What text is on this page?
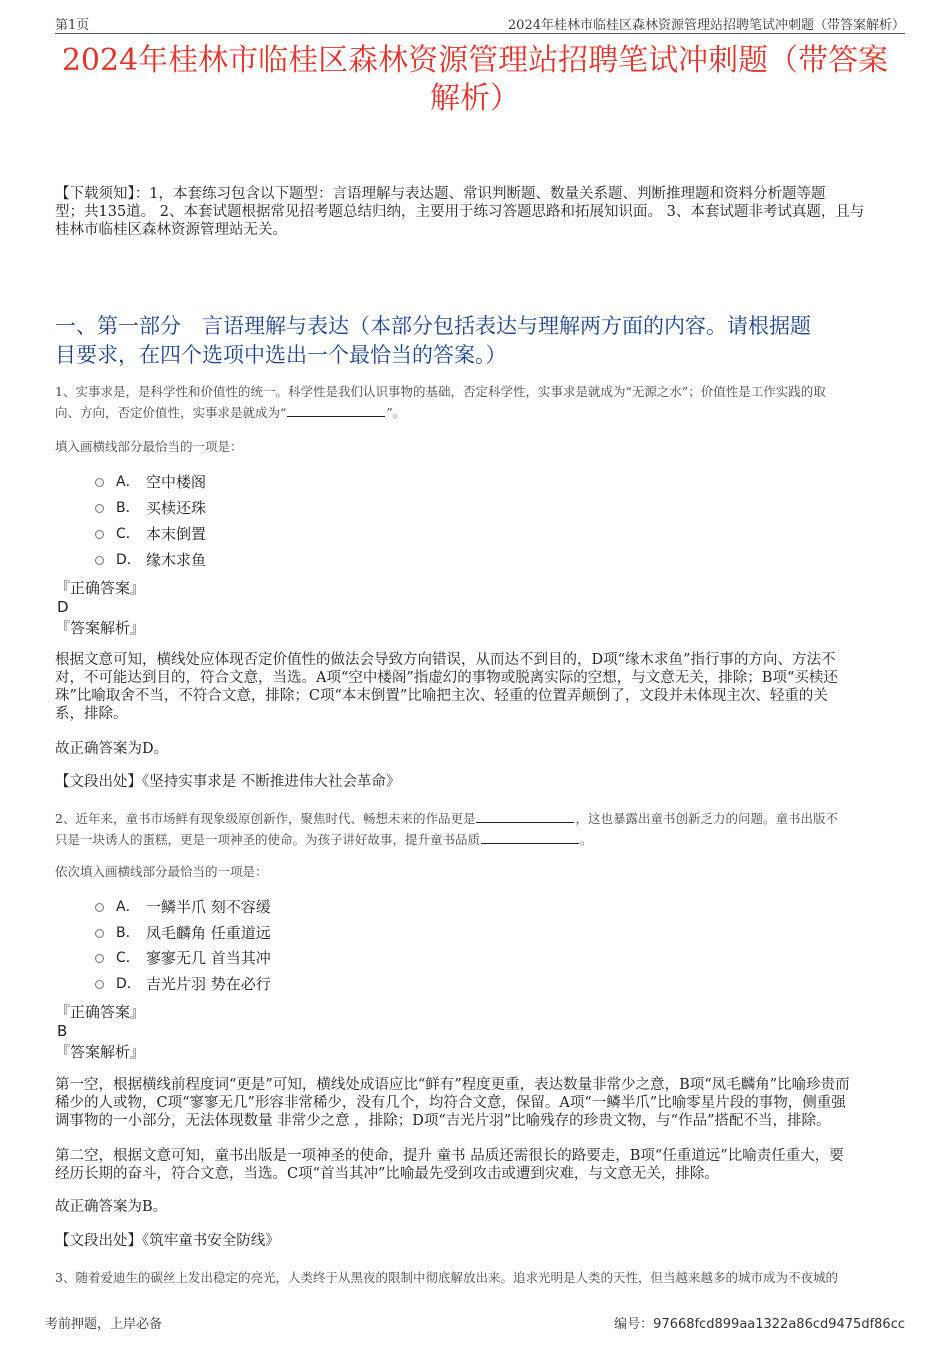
第1页	2024年桂林市临桂区森林资源管理站招聘笔试冲刺题（带答案解析）
2024年桂林市临桂区森林资源管理站招聘笔试冲刺题（带答案
解析）
【下载须知】：1，本套练习包含以下题型：言语理解与表达题、常识判断题、数量关系题、判断推理题和资料分析题等题
型；共135道。 2、本套试题根据常见招考题总结归纳，主要用于练习答题思路和拓展知识面。 3、本套试题非考试真题，且与
桂林市临桂区森林资源管理站无关。
一、第一部分　言语理解与表达（本部分包括表达与理解两方面的内容。请根据题
目要求，在四个选项中选出一个最恰当的答案。）
1、实事求是，是科学性和价值性的统一。科学性是我们认识事物的基础，否定科学性，实事求是就成为“无源之水”；价值性是工作实践的取
向、方向，否定价值性，实事求是就成为“	”。
填入画横线部分最恰当的一项是：
A． 空中楼阁
B． 买椟还珠
C． 本末倒置
D． 缘木求鱼
『正确答案』
D
『答案解析』
根据文意可知，横线处应体现否定价值性的做法会导致方向错误，从而达不到目的，D项“缘木求鱼”指行事的方向、方法不
对，不可能达到目的，符合文意，当选。A项“空中楼阁”指虚幻的事物或脱离实际的空想，与文意无关，排除；B项“买椟还
珠”比喻取舍不当，不符合文意，排除；C项“本末倒置”比喻把主次、轻重的位置弄颠倒了，文段并未体现主次、轻重的关
系，排除。
故正确答案为D。
【文段出处】《坚持实事求是 不断推进伟大社会革命》
2、近年来，童书市场鲜有现象级原创新作，聚焦时代、畅想未来的作品更是	，这也暴露出童书创新乏力的问题。童书出版不
只是一块诱人的蛋糕，更是一项神圣的使命。为孩子讲好故事，提升童书品质	。
依次填入画横线部分最恰当的一项是：
A． 一鳞半爪 刻不容缓
B． 凤毛麟角 任重道远
C． 寥寥无几 首当其冲
D． 吉光片羽 势在必行
『正确答案』
B
『答案解析』
第一空，根据横线前程度词“更是”可知，横线处成语应比“鲜有”程度更重，表达数量非常少之意，B项“凤毛麟角”比喻珍贵而
稀少的人或物，C项“寥寥无几”形容非常稀少，没有几个，均符合文意，保留。A项“一鳞半爪”比喻零星片段的事物，侧重强
调事物的一小部分，无法体现数量 非常少之意 ，排除；D项“吉光片羽”比喻残存的珍贵文物，与“作品”搭配不当，排除。
第二空，根据文意可知，童书出版是一项神圣的使命，提升 童书 品质还需很长的路要走，B项“任重道远”比喻责任重大，要
经历长期的奋斗，符合文意，当选。C项“首当其冲”比喻最先受到攻击或遭到灾难，与文意无关，排除。
故正确答案为B。
【文段出处】《筑牢童书安全防线》
3、随着爱迪生的碳丝上发出稳定的亮光，人类终于从黑夜的限制中彻底解放出来。追求光明是人类的天性，但当越来越多的城市成为不夜城的
考前押题，上岸必备	编号：97668fcd899aa1322a86cd9475df86cc
